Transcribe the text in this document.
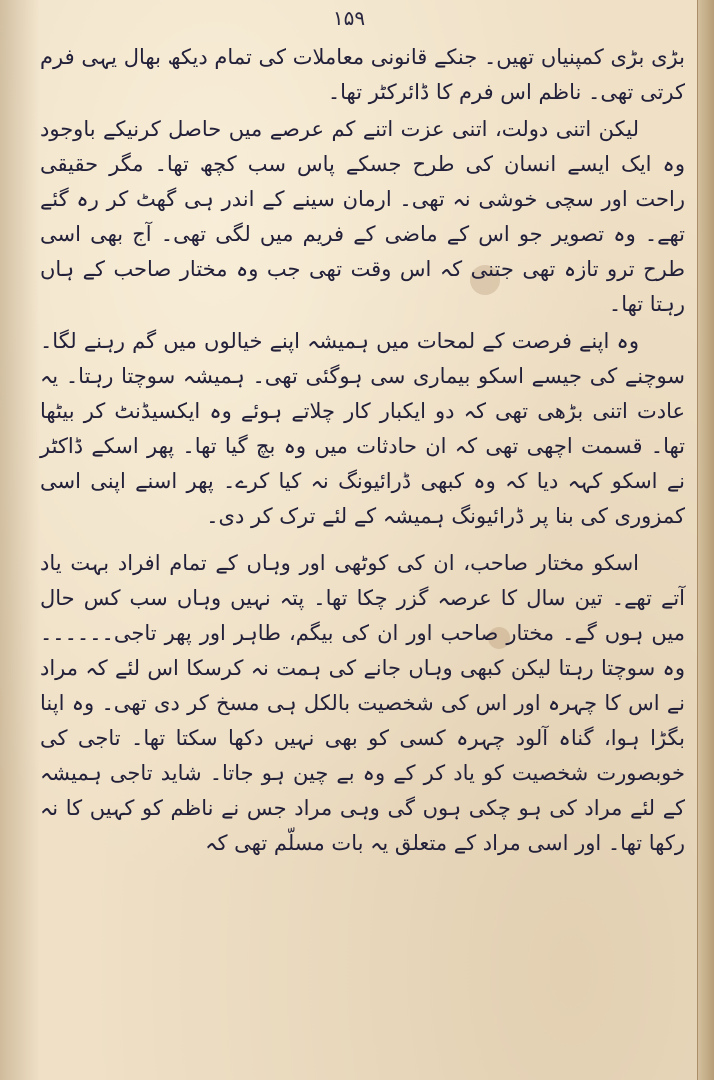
۱۵۹

بڑی بڑی کمپنیاں تھیں۔ جنکے قانونی معاملات کی تمام دیکھ بھال یہی فرم کرتی تھی۔ ناظم اس فرم کا ڈائرکٹر تھا۔

لیکن اتنی دولت، اتنی عزت اتنے کم عرصے میں حاصل کرنیکے باوجود وہ ایک ایسے انسان کی طرح جسکے پاس سب کچھ تھا۔ مگر حقیقی راحت اور سچی خوشی نہ تھی۔ ارمان سینے کے اندر ہی گھٹ کر رہ گئے تھے۔ وہ تصویر جو اس کے ماضی کے فریم میں لگی تھی۔ آج بھی اسی طرح ترو تازہ تھی جتنی کہ اس وقت تھی جب وہ مختار صاحب کے ہاں رہتا تھا۔

وہ اپنے فرصت کے لمحات میں ہمیشہ اپنے خیالوں میں گم رہنے لگا۔ سوچنے کی جیسے اسکو بیماری سی ہوگئی تھی۔ ہمیشہ سوچتا رہتا۔ یہ عادت اتنی بڑھی تھی کہ دو ایکبار کار چلاتے ہوئے وہ ایکسیڈنٹ کر بیٹھا تھا۔ قسمت اچھی تھی کہ ان حادثات میں وہ بچ گیا تھا۔ پھر اسکے ڈاکٹر نے اسکو کہہ دیا کہ وہ کبھی ڈرائیونگ نہ کیا کرے۔ پھر اسنے اپنی اسی کمزوری کی بنا پر ڈرائیونگ ہمیشہ کے لئے ترک کر دی۔

اسکو مختار صاحب، ان کی کوٹھی اور وہاں کے تمام افراد بہت یاد آتے تھے۔ تین سال کا عرصہ گزر چکا تھا۔ پتہ نہیں وہاں سب کس حال میں ہوں گے۔ مختار صاحب اور ان کی بیگم، طاہر اور پھر تاجی۔۔۔۔۔۔ وہ سوچتا رہتا لیکن کبھی وہاں جانے کی ہمت نہ کرسکا اس لئے کہ مراد نے اس کا چہرہ اور اس کی شخصیت بالکل ہی مسخ کر دی تھی۔ وہ اپنا بگڑا ہوا، گناہ آلود چہرہ کسی کو بھی نہیں دکھا سکتا تھا۔ تاجی کی خوبصورت شخصیت کو یاد کر کے وہ بے چین ہو جاتا۔ شاید تاجی ہمیشہ کے لئے مراد کی ہو چکی ہوں گی وہی مراد جس نے ناظم کو کہیں کا نہ رکھا تھا۔ اور اسی مراد کے متعلق یہ بات مسلّم تھی کہ
